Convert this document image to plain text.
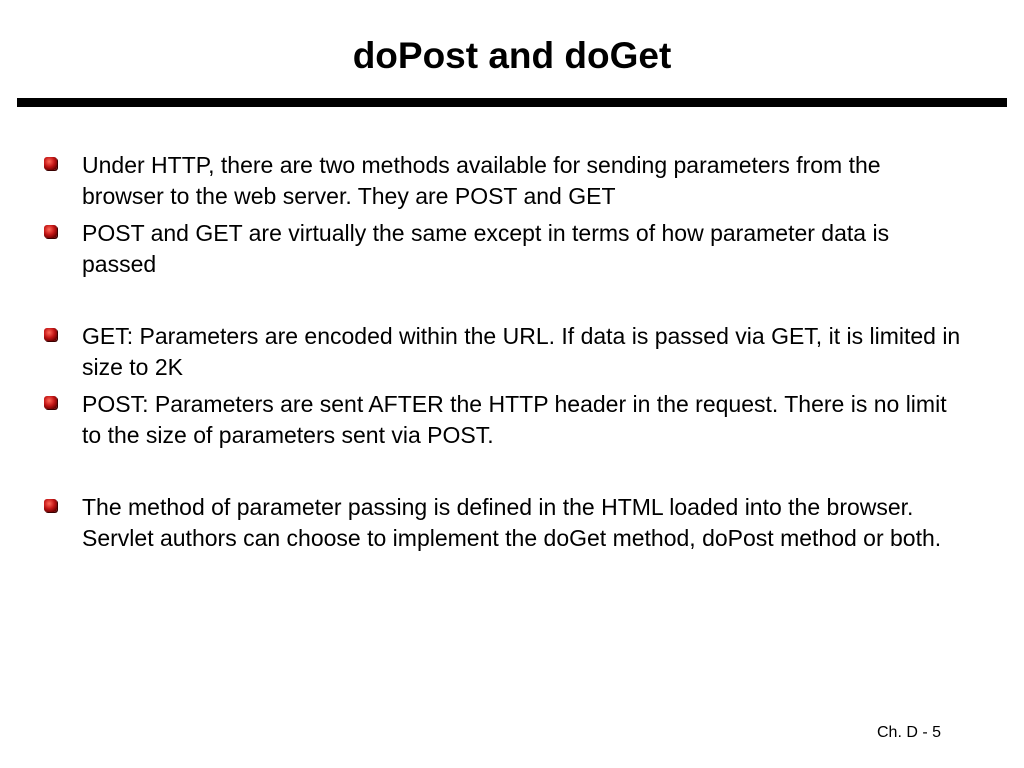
doPost and doGet
Under HTTP, there are two methods available for sending parameters from the browser to the web server. They are POST and GET
POST and GET are virtually the same except in terms of how parameter data is passed
GET: Parameters are encoded within the URL. If data is passed via GET, it is limited in size to 2K
POST: Parameters are sent AFTER the HTTP header in the request. There is no limit to the size of parameters sent via POST.
The method of parameter passing is defined in the HTML loaded into the browser. Servlet authors can choose to implement the doGet method, doPost method or both.
Ch. D - 5
